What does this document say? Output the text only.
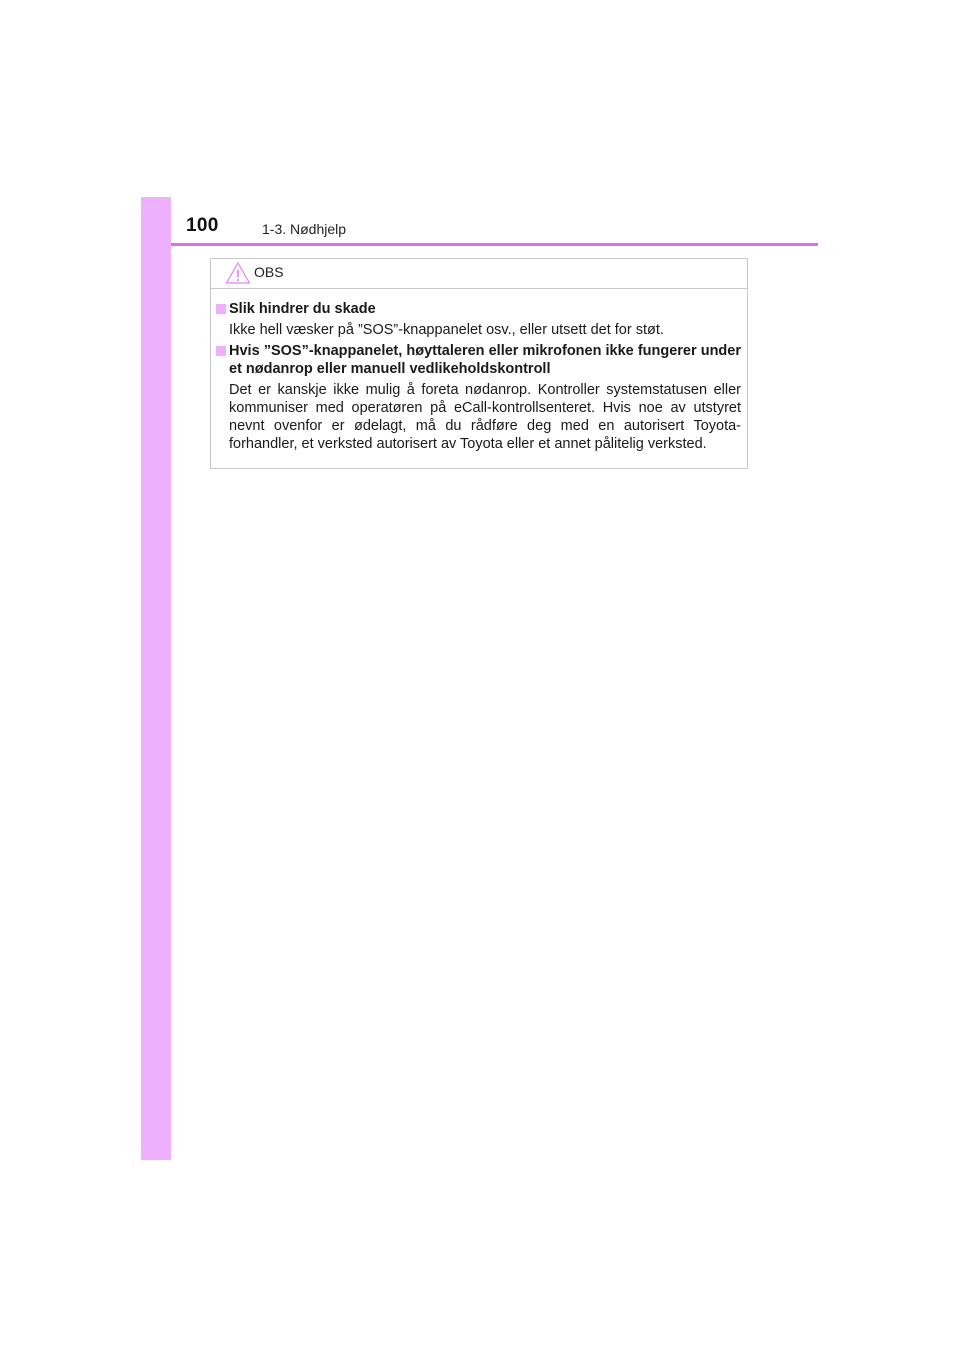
100	1-3. Nødhjelp
OBS
Slik hindrer du skade
Ikke hell væsker på ”SOS”-knappanelet osv., eller utsett det for støt.
Hvis ”SOS”-knappanelet, høyttaleren eller mikrofonen ikke fungerer under et nødanrop eller manuell vedlikeholdskontroll
Det er kanskje ikke mulig å foreta nødanrop. Kontroller systemstatusen eller kommuniser med operatøren på eCall-kontrollsenteret. Hvis noe av utstyret nevnt ovenfor er ødelagt, må du rådføre deg med en autorisert Toyota-forhandler, et verksted autorisert av Toyota eller et annet pålitelig verksted.
